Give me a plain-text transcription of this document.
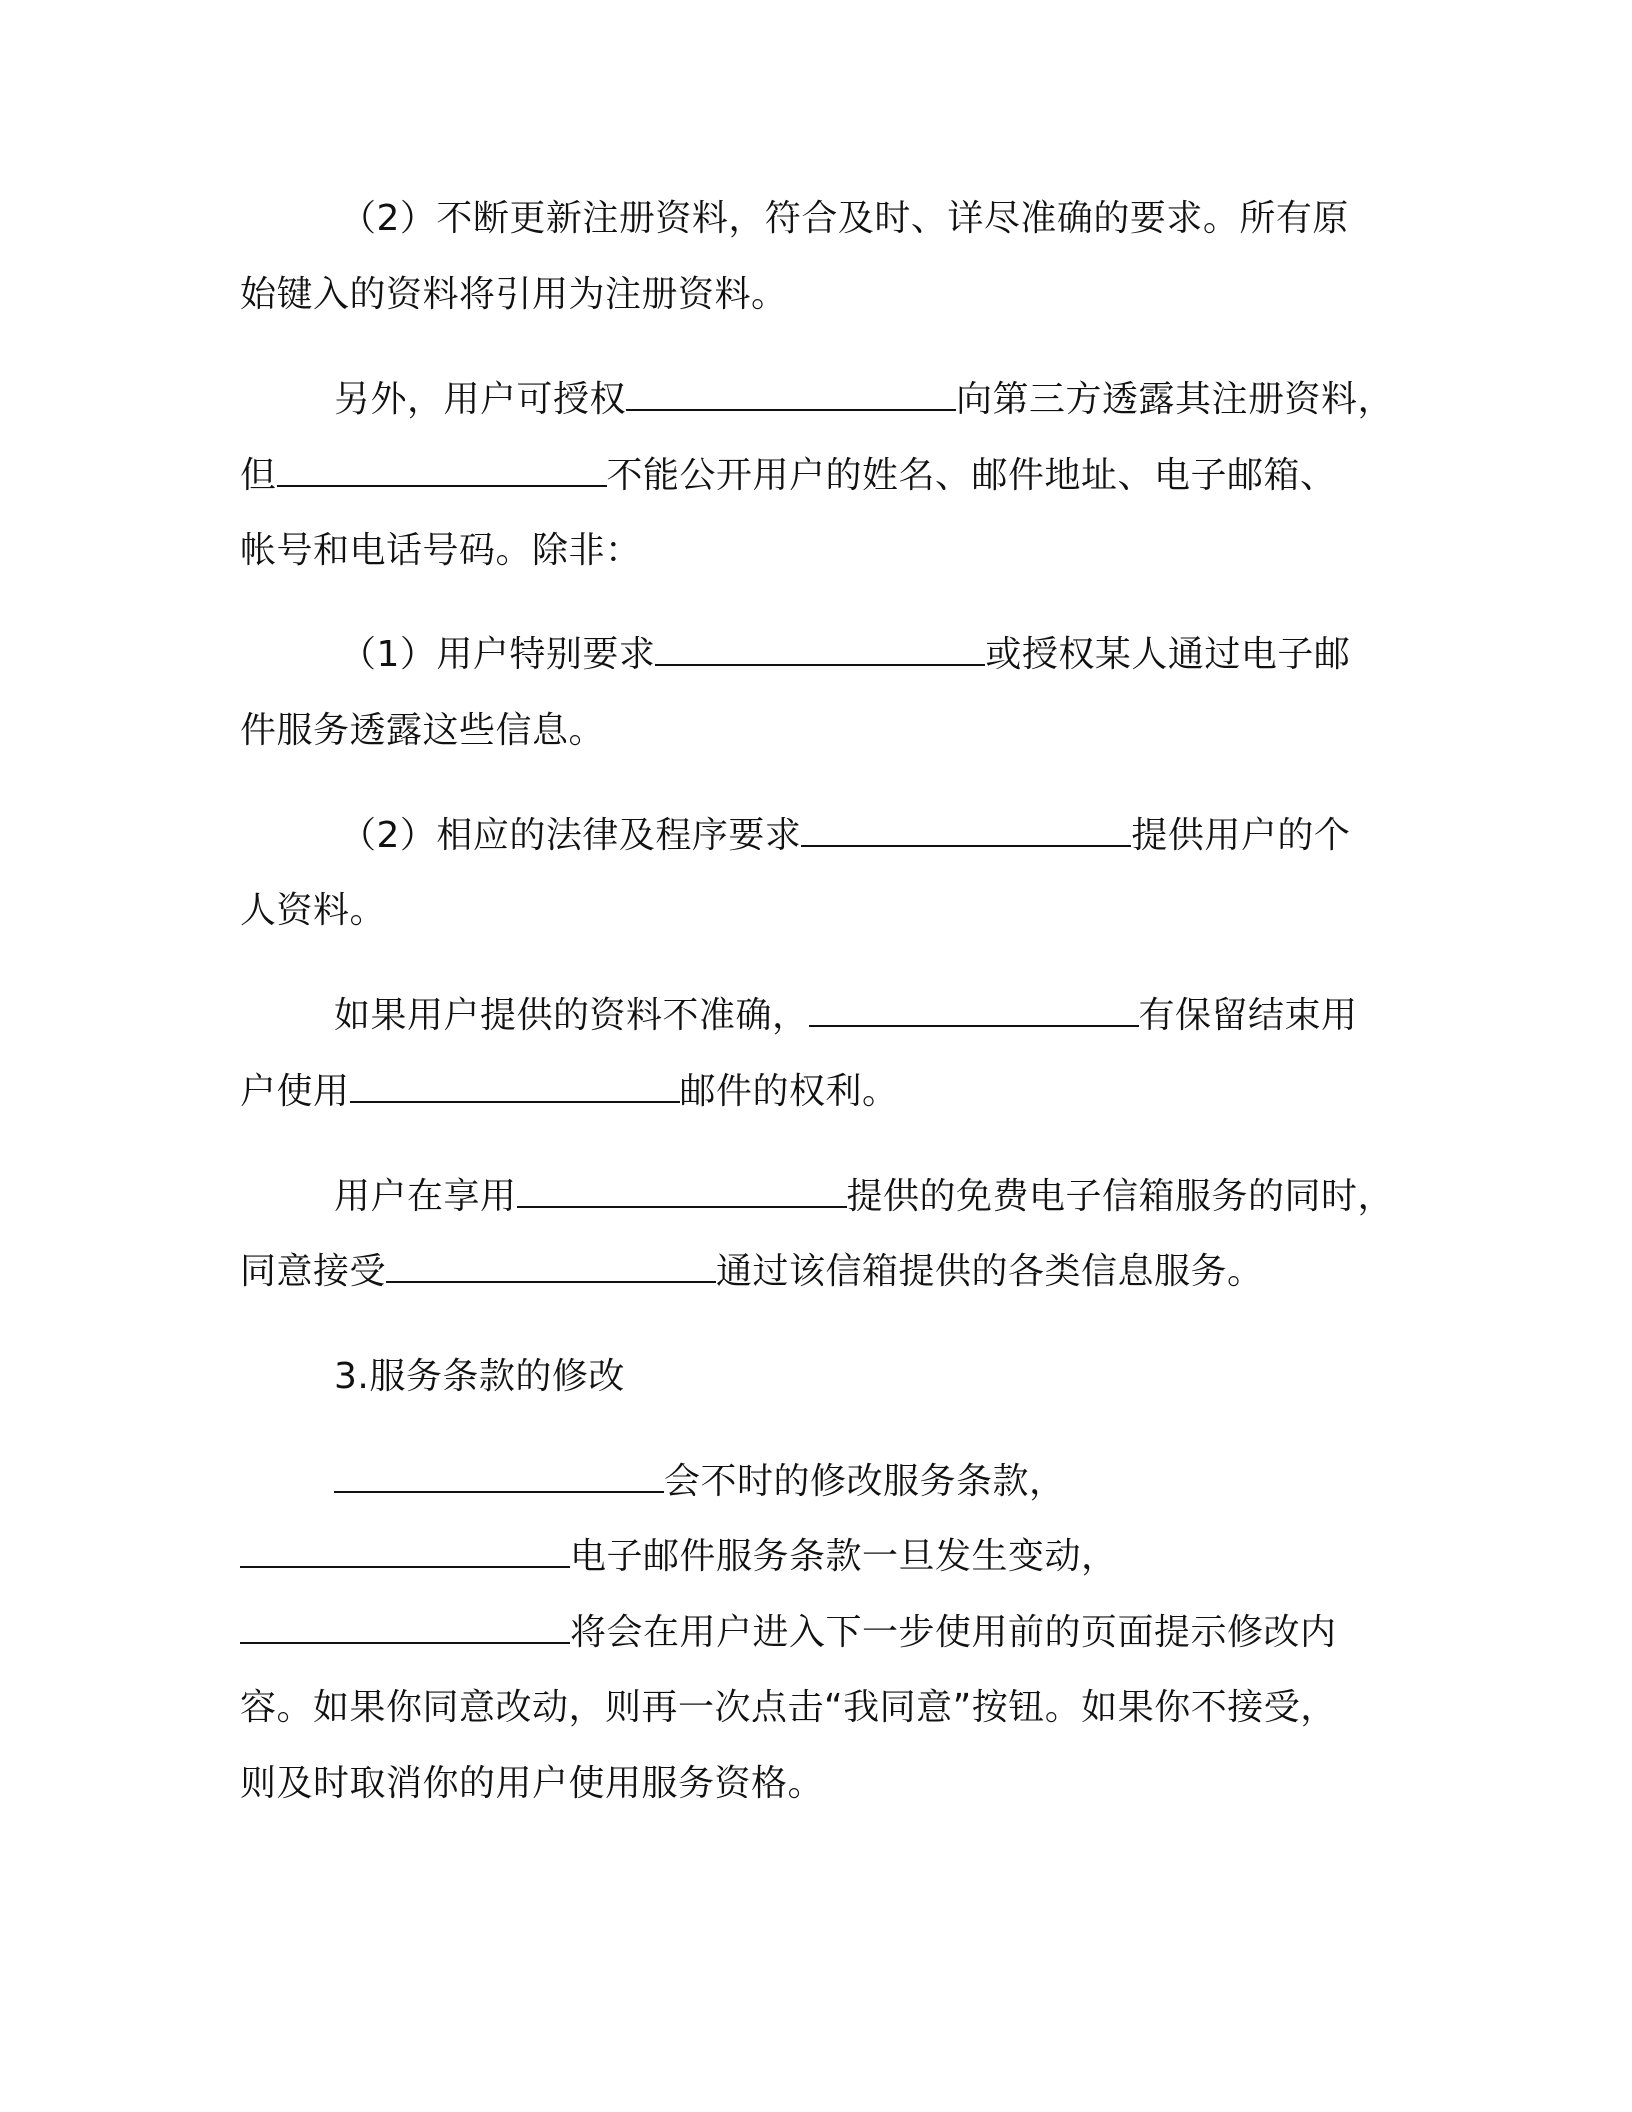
（2）不断更新注册资料，符合及时、详尽准确的要求。所有原
始键入的资料将引用为注册资料。
另外，用户可授权	向第三方透露其注册资料，
但	不能公开用户的姓名、邮件地址、电子邮箱、
帐号和电话号码。除非：
（1）用户特别要求	或授权某人通过电子邮
件服务透露这些信息。
（2）相应的法律及程序要求	提供用户的个
人资料。
如果用户提供的资料不准确，	有保留结束用
户使用	邮件的权利。
用户在享用	提供的免费电子信箱服务的同时，
同意接受	通过该信箱提供的各类信息服务。
3.服务条款的修改
会不时的修改服务条款，
电子邮件服务条款一旦发生变动，
将会在用户进入下一步使用前的页面提示修改内
容。如果你同意改动，则再一次点击“我同意”按钮。如果你不接受，
则及时取消你的用户使用服务资格。
